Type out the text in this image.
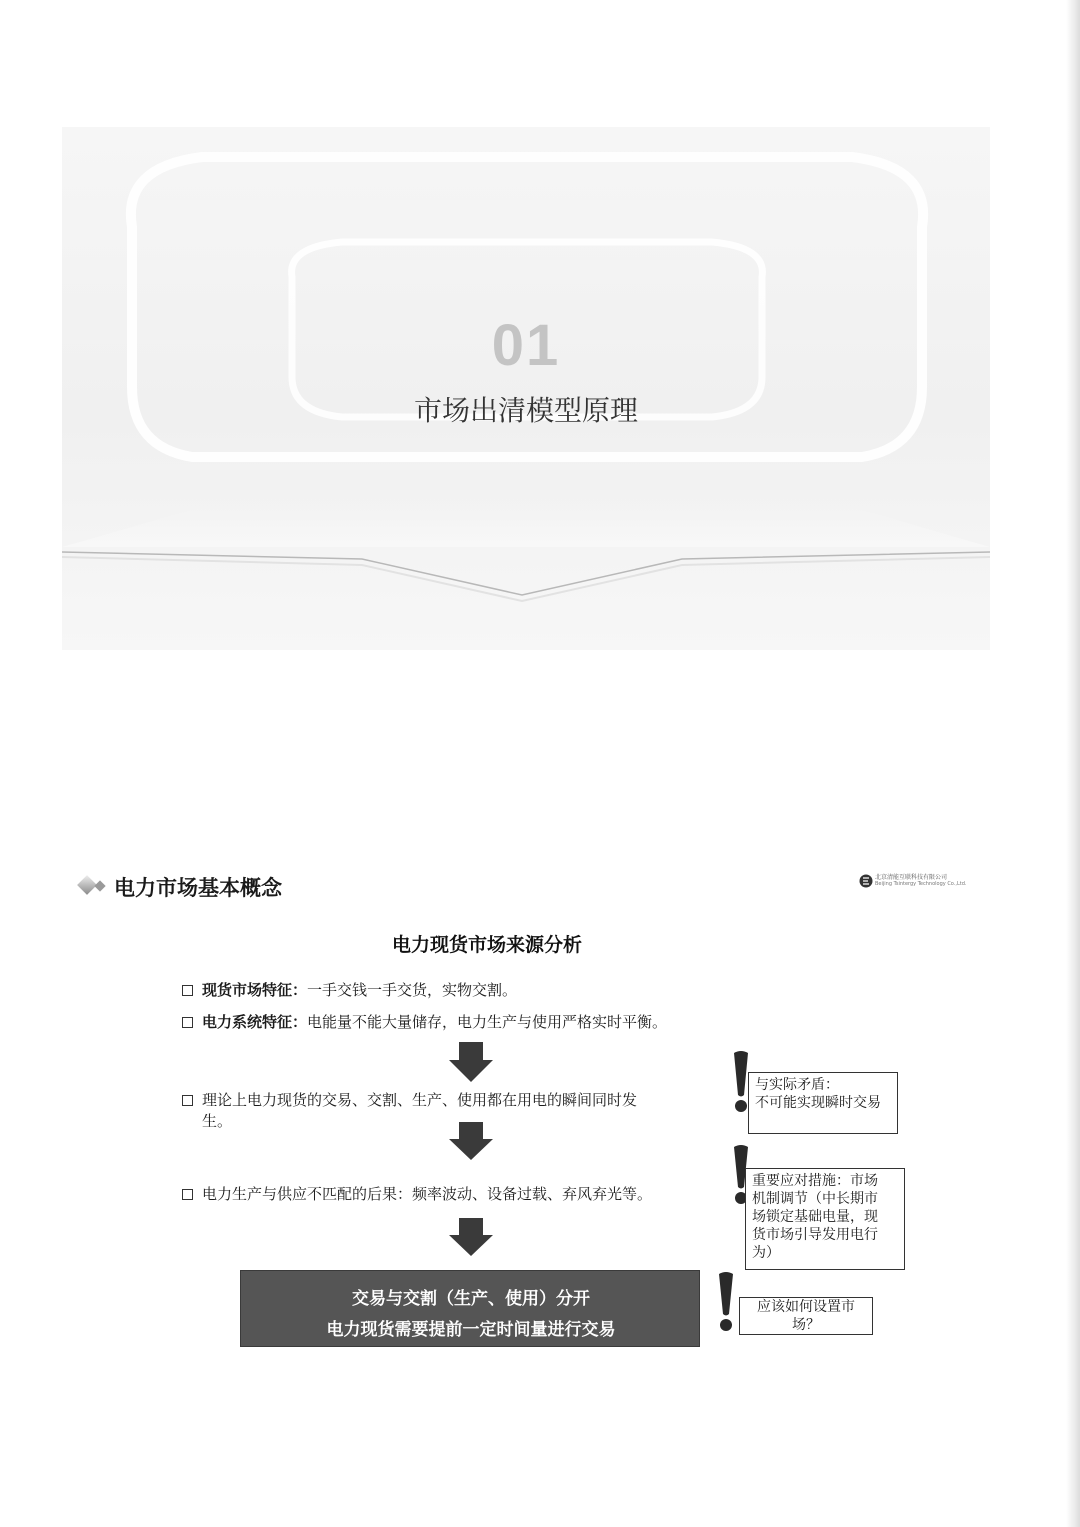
01
市场出清模型原理
电力市场基本概念	北京清能互联科技有限公司
Beijing Tsintergy Technology Co.,Ltd.
电力现货市场来源分析
现货市场特征：一手交钱一手交货，实物交割。
电力系统特征：电能量不能大量储存，电力生产与使用严格实时平衡。
理论上电力现货的交易、交割、生产、使用都在用电的瞬间同时发
生。
电力生产与供应不匹配的后果：频率波动、设备过载、弃风弃光等。
交易与交割（生产、使用）分开
电力现货需要提前一定时间量进行交易
与实际矛盾：
不可能实现瞬时交易
重要应对措施：市场
机制调节（中长期市
场锁定基础电量，现
货市场引导发用电行
为）
应该如何设置市
场？
